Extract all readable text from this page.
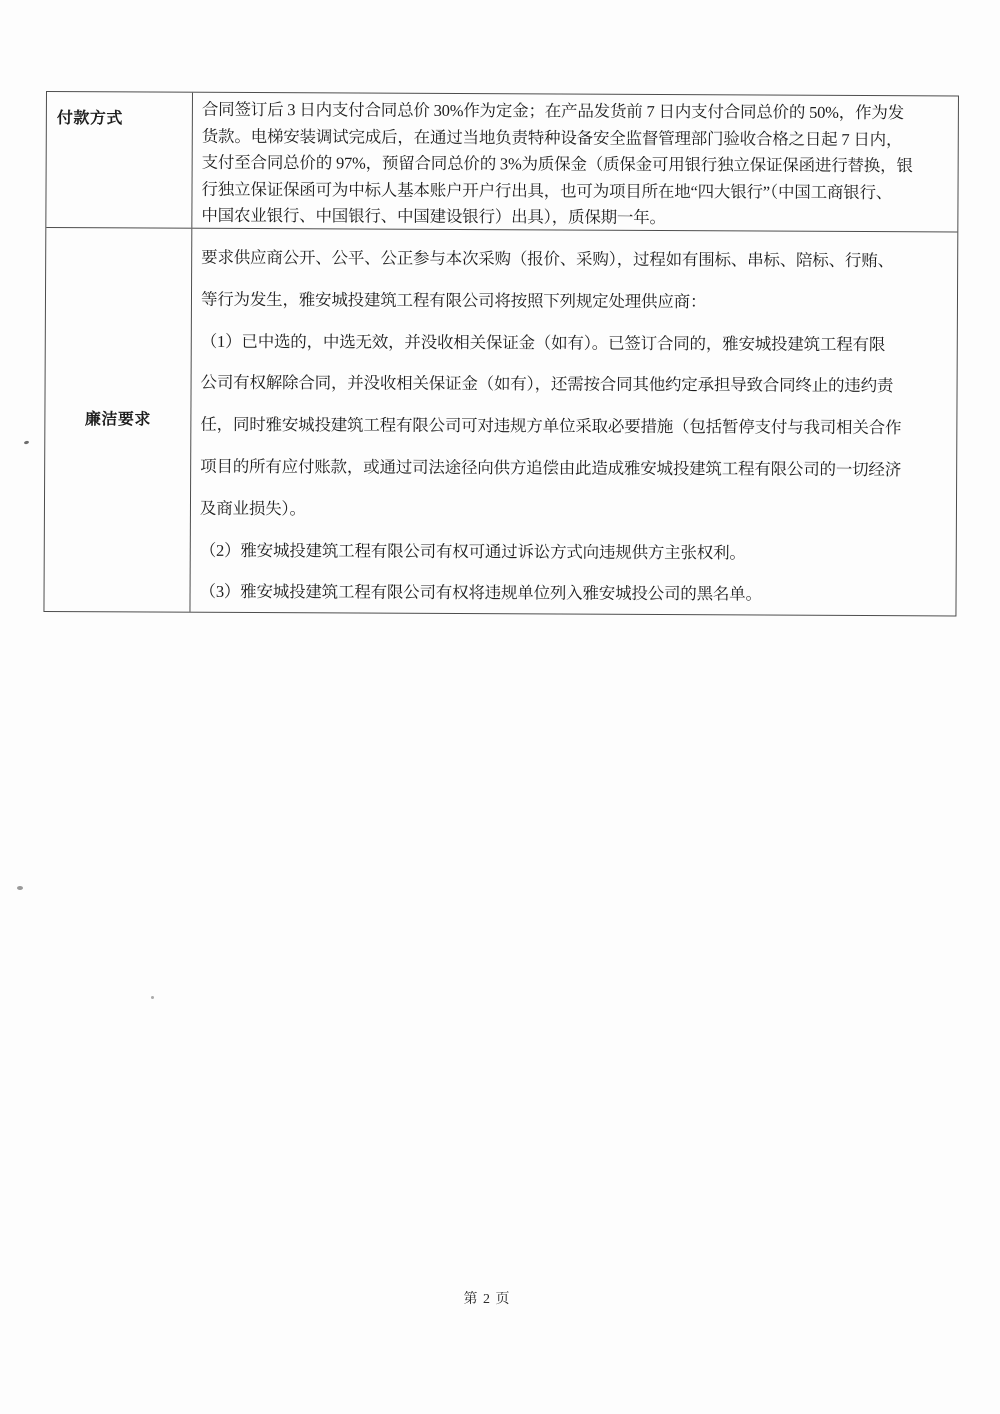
付款方式	合同签订后 3 日内支付合同总价 30%作为定金；在产品发货前 7 日内支付合同总价的 50%，作为发
货款。电梯安装调试完成后，在通过当地负责特种设备安全监督管理部门验收合格之日起 7 日内，
支付至合同总价的 97%，预留合同总价的 3%为质保金（质保金可用银行独立保证保函进行替换，银
行独立保证保函可为中标人基本账户开户行出具，也可为项目所在地“四大银行”（中国工商银行、
中国农业银行、中国银行、中国建设银行）出具），质保期一年。
廉洁要求
要求供应商公开、公平、公正参与本次采购（报价、采购），过程如有围标、串标、陪标、行贿、
等行为发生，雅安城投建筑工程有限公司将按照下列规定处理供应商：
（1）已中选的，中选无效，并没收相关保证金（如有）。已签订合同的，雅安城投建筑工程有限
公司有权解除合同，并没收相关保证金（如有），还需按合同其他约定承担导致合同终止的违约责
任，同时雅安城投建筑工程有限公司可对违规方单位采取必要措施（包括暂停支付与我司相关合作
项目的所有应付账款，或通过司法途径向供方追偿由此造成雅安城投建筑工程有限公司的一切经济
及商业损失）。
（2）雅安城投建筑工程有限公司有权可通过诉讼方式向违规供方主张权利。
（3）雅安城投建筑工程有限公司有权将违规单位列入雅安城投公司的黑名单。
第 2 页
